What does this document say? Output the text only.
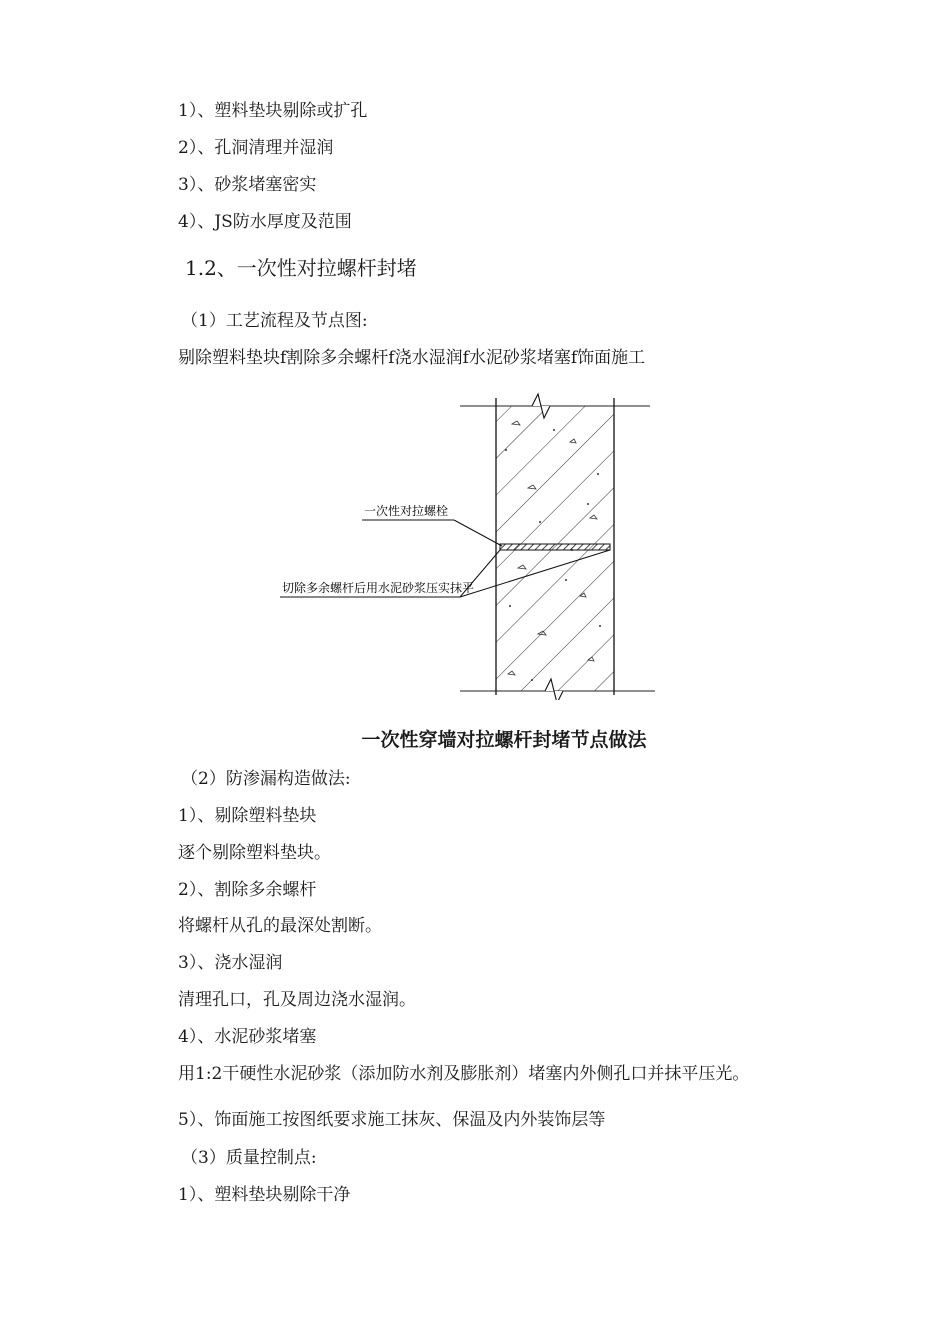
1）、塑料垫块剔除或扩孔
2）、孔洞清理并湿润
3）、砂浆堵塞密实
4）、JS防水厚度及范围
1.2、一次性对拉螺杆封堵
（1）工艺流程及节点图:
剔除塑料垫块f割除多余螺杆f浇水湿润f水泥砂浆堵塞f饰面施工
一次性对拉螺栓
切除多余螺杆后用水泥砂浆压实抹平
一次性穿墙对拉螺杆封堵节点做法
（2）防渗漏构造做法:
1）、剔除塑料垫块
逐个剔除塑料垫块。
2）、割除多余螺杆
将螺杆从孔的最深处割断。
3）、浇水湿润
清理孔口，孔及周边浇水湿润。
4）、水泥砂浆堵塞
用1:2干硬性水泥砂浆（添加防水剂及膨胀剂）堵塞内外侧孔口并抹平压光。
5）、饰面施工按图纸要求施工抹灰、保温及内外装饰层等
（3）质量控制点:
1）、塑料垫块剔除干净
